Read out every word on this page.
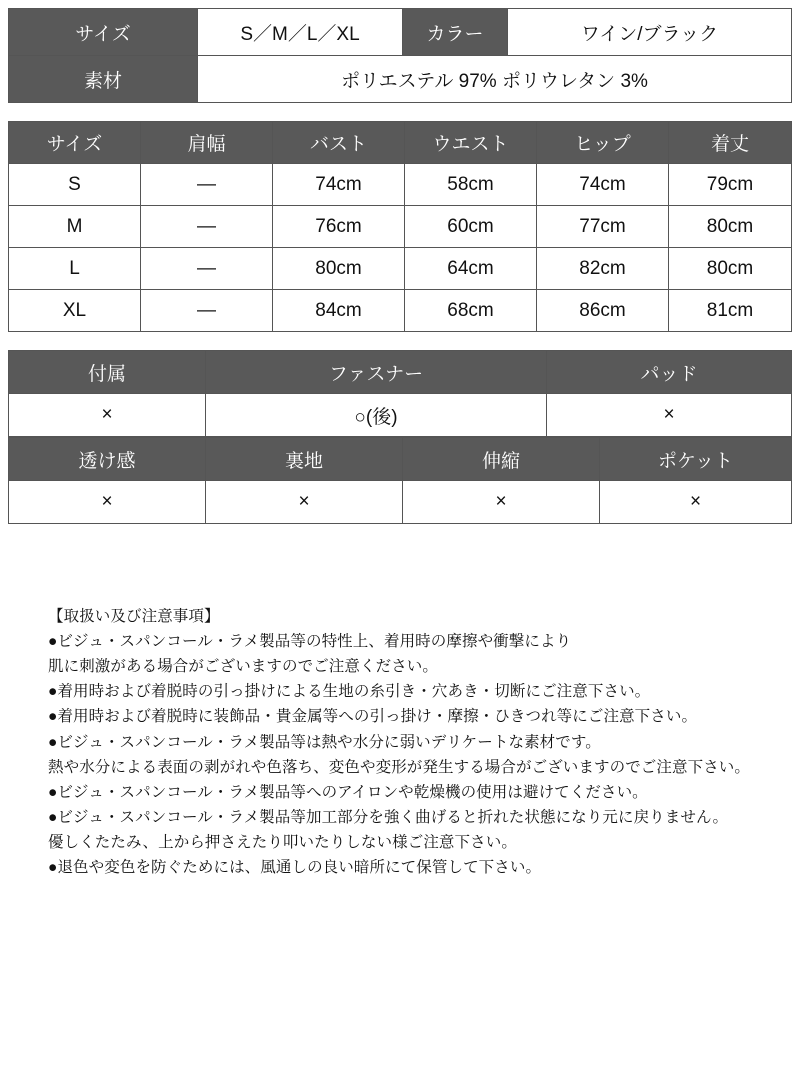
サイズ	S／M／L／XL	カラー	ワイン/ブラック
素材	ポリエステル 97% ポリウレタン 3%		
サイズ	肩幅	バスト	ウエスト	ヒップ	着丈
S	—	74cm	58cm	74cm	79cm
M	—	76cm	60cm	77cm	80cm
L	—	80cm	64cm	82cm	80cm
XL	—	84cm	68cm	86cm	81cm
付属	ファスナー	パッド
×	○(後)	×
透け感	裏地	伸縮	ポケット
×	×	×	×
【取扱い及び注意事項】
●ビジュ・スパンコール・ラメ製品等の特性上、着用時の摩擦や衝撃により
肌に刺激がある場合がございますのでご注意ください。
●着用時および着脱時の引っ掛けによる生地の糸引き・穴あき・切断にご注意下さい。
●着用時および着脱時に装飾品・貴金属等への引っ掛け・摩擦・ひきつれ等にご注意下さい。
●ビジュ・スパンコール・ラメ製品等は熱や水分に弱いデリケートな素材です。
熱や水分による表面の剥がれや色落ち、変色や変形が発生する場合がございますのでご注意下さい。
●ビジュ・スパンコール・ラメ製品等へのアイロンや乾燥機の使用は避けてください。
●ビジュ・スパンコール・ラメ製品等加工部分を強く曲げると折れた状態になり元に戻りません。
優しくたたみ、上から押さえたり叩いたりしない様ご注意下さい。
●退色や変色を防ぐためには、風通しの良い暗所にて保管して下さい。
